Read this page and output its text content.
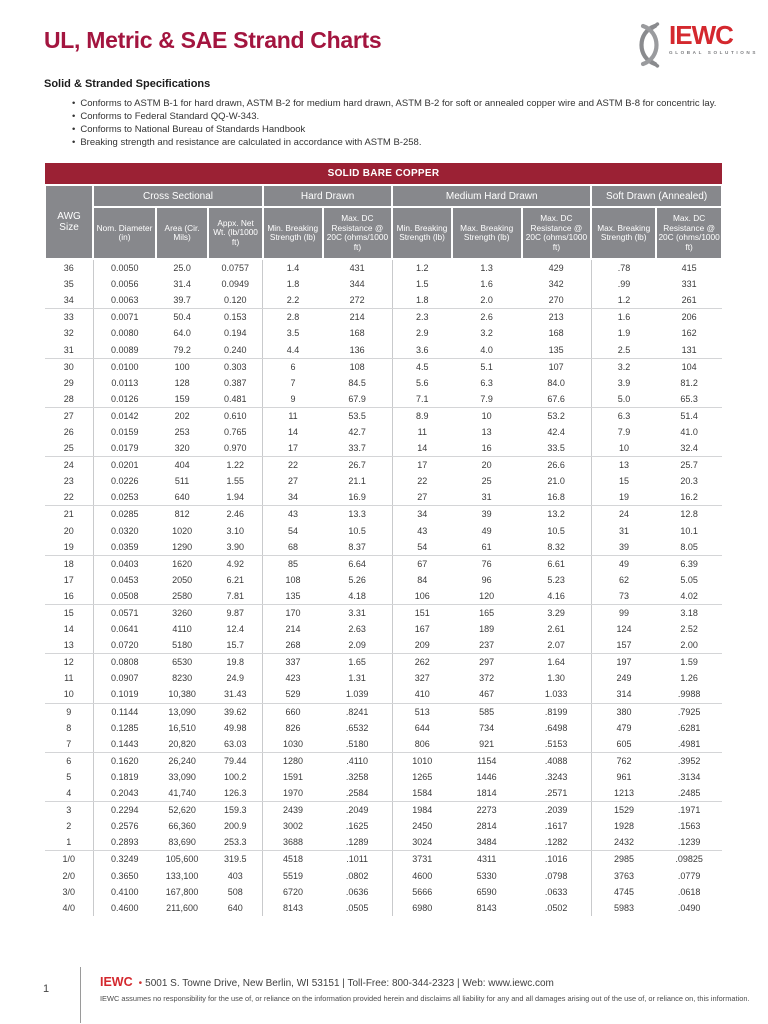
UL, Metric & SAE Strand Charts	IEWC
GLOBAL SOLUTIONS
Solid & Stranded Specifications
• Conforms to ASTM B-1 for hard drawn, ASTM B-2 for medium hard drawn, ASTM B-2 for soft or annealed copper wire and ASTM B-8 for concentric lay.
• Conforms to Federal Standard QQ-W-343.
• Conforms to National Bureau of Standards Handbook
• Breaking strength and resistance are calculated in accordance with ASTM B-258.
SOLID BARE COPPER										
AWG Size	Cross Sectional			Hard Drawn		Medium Hard Drawn			Soft Drawn (Annealed)	
	Nom. Diameter (in)	Area (Cir. Mils)	Appx. Net Wt. (lb/1000 ft)	Min. Breaking Strength (lb)	Max. DC Resistance @ 20C (ohms/1000 ft)	Min. Breaking Strength (lb)	Max. Breaking Strength (lb)	Max. DC Resistance @ 20C (ohms/1000 ft)	Max. Breaking Strength (lb)	Max. DC Resistance @ 20C (ohms/1000 ft)
36	0.0050	25.0	0.0757	1.4	431	1.2	1.3	429	.78	415
35	0.0056	31.4	0.0949	1.8	344	1.5	1.6	342	.99	331
34	0.0063	39.7	0.120	2.2	272	1.8	2.0	270	1.2	261
33	0.0071	50.4	0.153	2.8	214	2.3	2.6	213	1.6	206
32	0.0080	64.0	0.194	3.5	168	2.9	3.2	168	1.9	162
31	0.0089	79.2	0.240	4.4	136	3.6	4.0	135	2.5	131
30	0.0100	100	0.303	6	108	4.5	5.1	107	3.2	104
29	0.0113	128	0.387	7	84.5	5.6	6.3	84.0	3.9	81.2
28	0.0126	159	0.481	9	67.9	7.1	7.9	67.6	5.0	65.3
27	0.0142	202	0.610	11	53.5	8.9	10	53.2	6.3	51.4
26	0.0159	253	0.765	14	42.7	11	13	42.4	7.9	41.0
25	0.0179	320	0.970	17	33.7	14	16	33.5	10	32.4
24	0.0201	404	1.22	22	26.7	17	20	26.6	13	25.7
23	0.0226	511	1.55	27	21.1	22	25	21.0	15	20.3
22	0.0253	640	1.94	34	16.9	27	31	16.8	19	16.2
21	0.0285	812	2.46	43	13.3	34	39	13.2	24	12.8
20	0.0320	1020	3.10	54	10.5	43	49	10.5	31	10.1
19	0.0359	1290	3.90	68	8.37	54	61	8.32	39	8.05
18	0.0403	1620	4.92	85	6.64	67	76	6.61	49	6.39
17	0.0453	2050	6.21	108	5.26	84	96	5.23	62	5.05
16	0.0508	2580	7.81	135	4.18	106	120	4.16	73	4.02
15	0.0571	3260	9.87	170	3.31	151	165	3.29	99	3.18
14	0.0641	4110	12.4	214	2.63	167	189	2.61	124	2.52
13	0.0720	5180	15.7	268	2.09	209	237	2.07	157	2.00
12	0.0808	6530	19.8	337	1.65	262	297	1.64	197	1.59
11	0.0907	8230	24.9	423	1.31	327	372	1.30	249	1.26
10	0.1019	10,380	31.43	529	1.039	410	467	1.033	314	.9988
9	0.1144	13,090	39.62	660	.8241	513	585	.8199	380	.7925
8	0.1285	16,510	49.98	826	.6532	644	734	.6498	479	.6281
7	0.1443	20,820	63.03	1030	.5180	806	921	.5153	605	.4981
6	0.1620	26,240	79.44	1280	.4110	1010	1154	.4088	762	.3952
5	0.1819	33,090	100.2	1591	.3258	1265	1446	.3243	961	.3134
4	0.2043	41,740	126.3	1970	.2584	1584	1814	.2571	1213	.2485
3	0.2294	52,620	159.3	2439	.2049	1984	2273	.2039	1529	.1971
2	0.2576	66,360	200.9	3002	.1625	2450	2814	.1617	1928	.1563
1	0.2893	83,690	253.3	3688	.1289	3024	3484	.1282	2432	.1239
1/0	0.3249	105,600	319.5	4518	.1011	3731	4311	.1016	2985	.09825
2/0	0.3650	133,100	403	5519	.0802	4600	5330	.0798	3763	.0779
3/0	0.4100	167,800	508	6720	.0636	5666	6590	.0633	4745	.0618
4/0	0.4600	211,600	640	8143	.0505	6980	8143	.0502	5983	.0490
1	IEWC • 5001 S. Towne Drive, New Berlin, WI 53151 | Toll-Free: 800-344-2323 | Web: www.iewc.com
IEWC assumes no responsibility for the use of, or reliance on the information provided herein and disclaims all liability for any and all damages arising out of the use of, or reliance on, this information.
